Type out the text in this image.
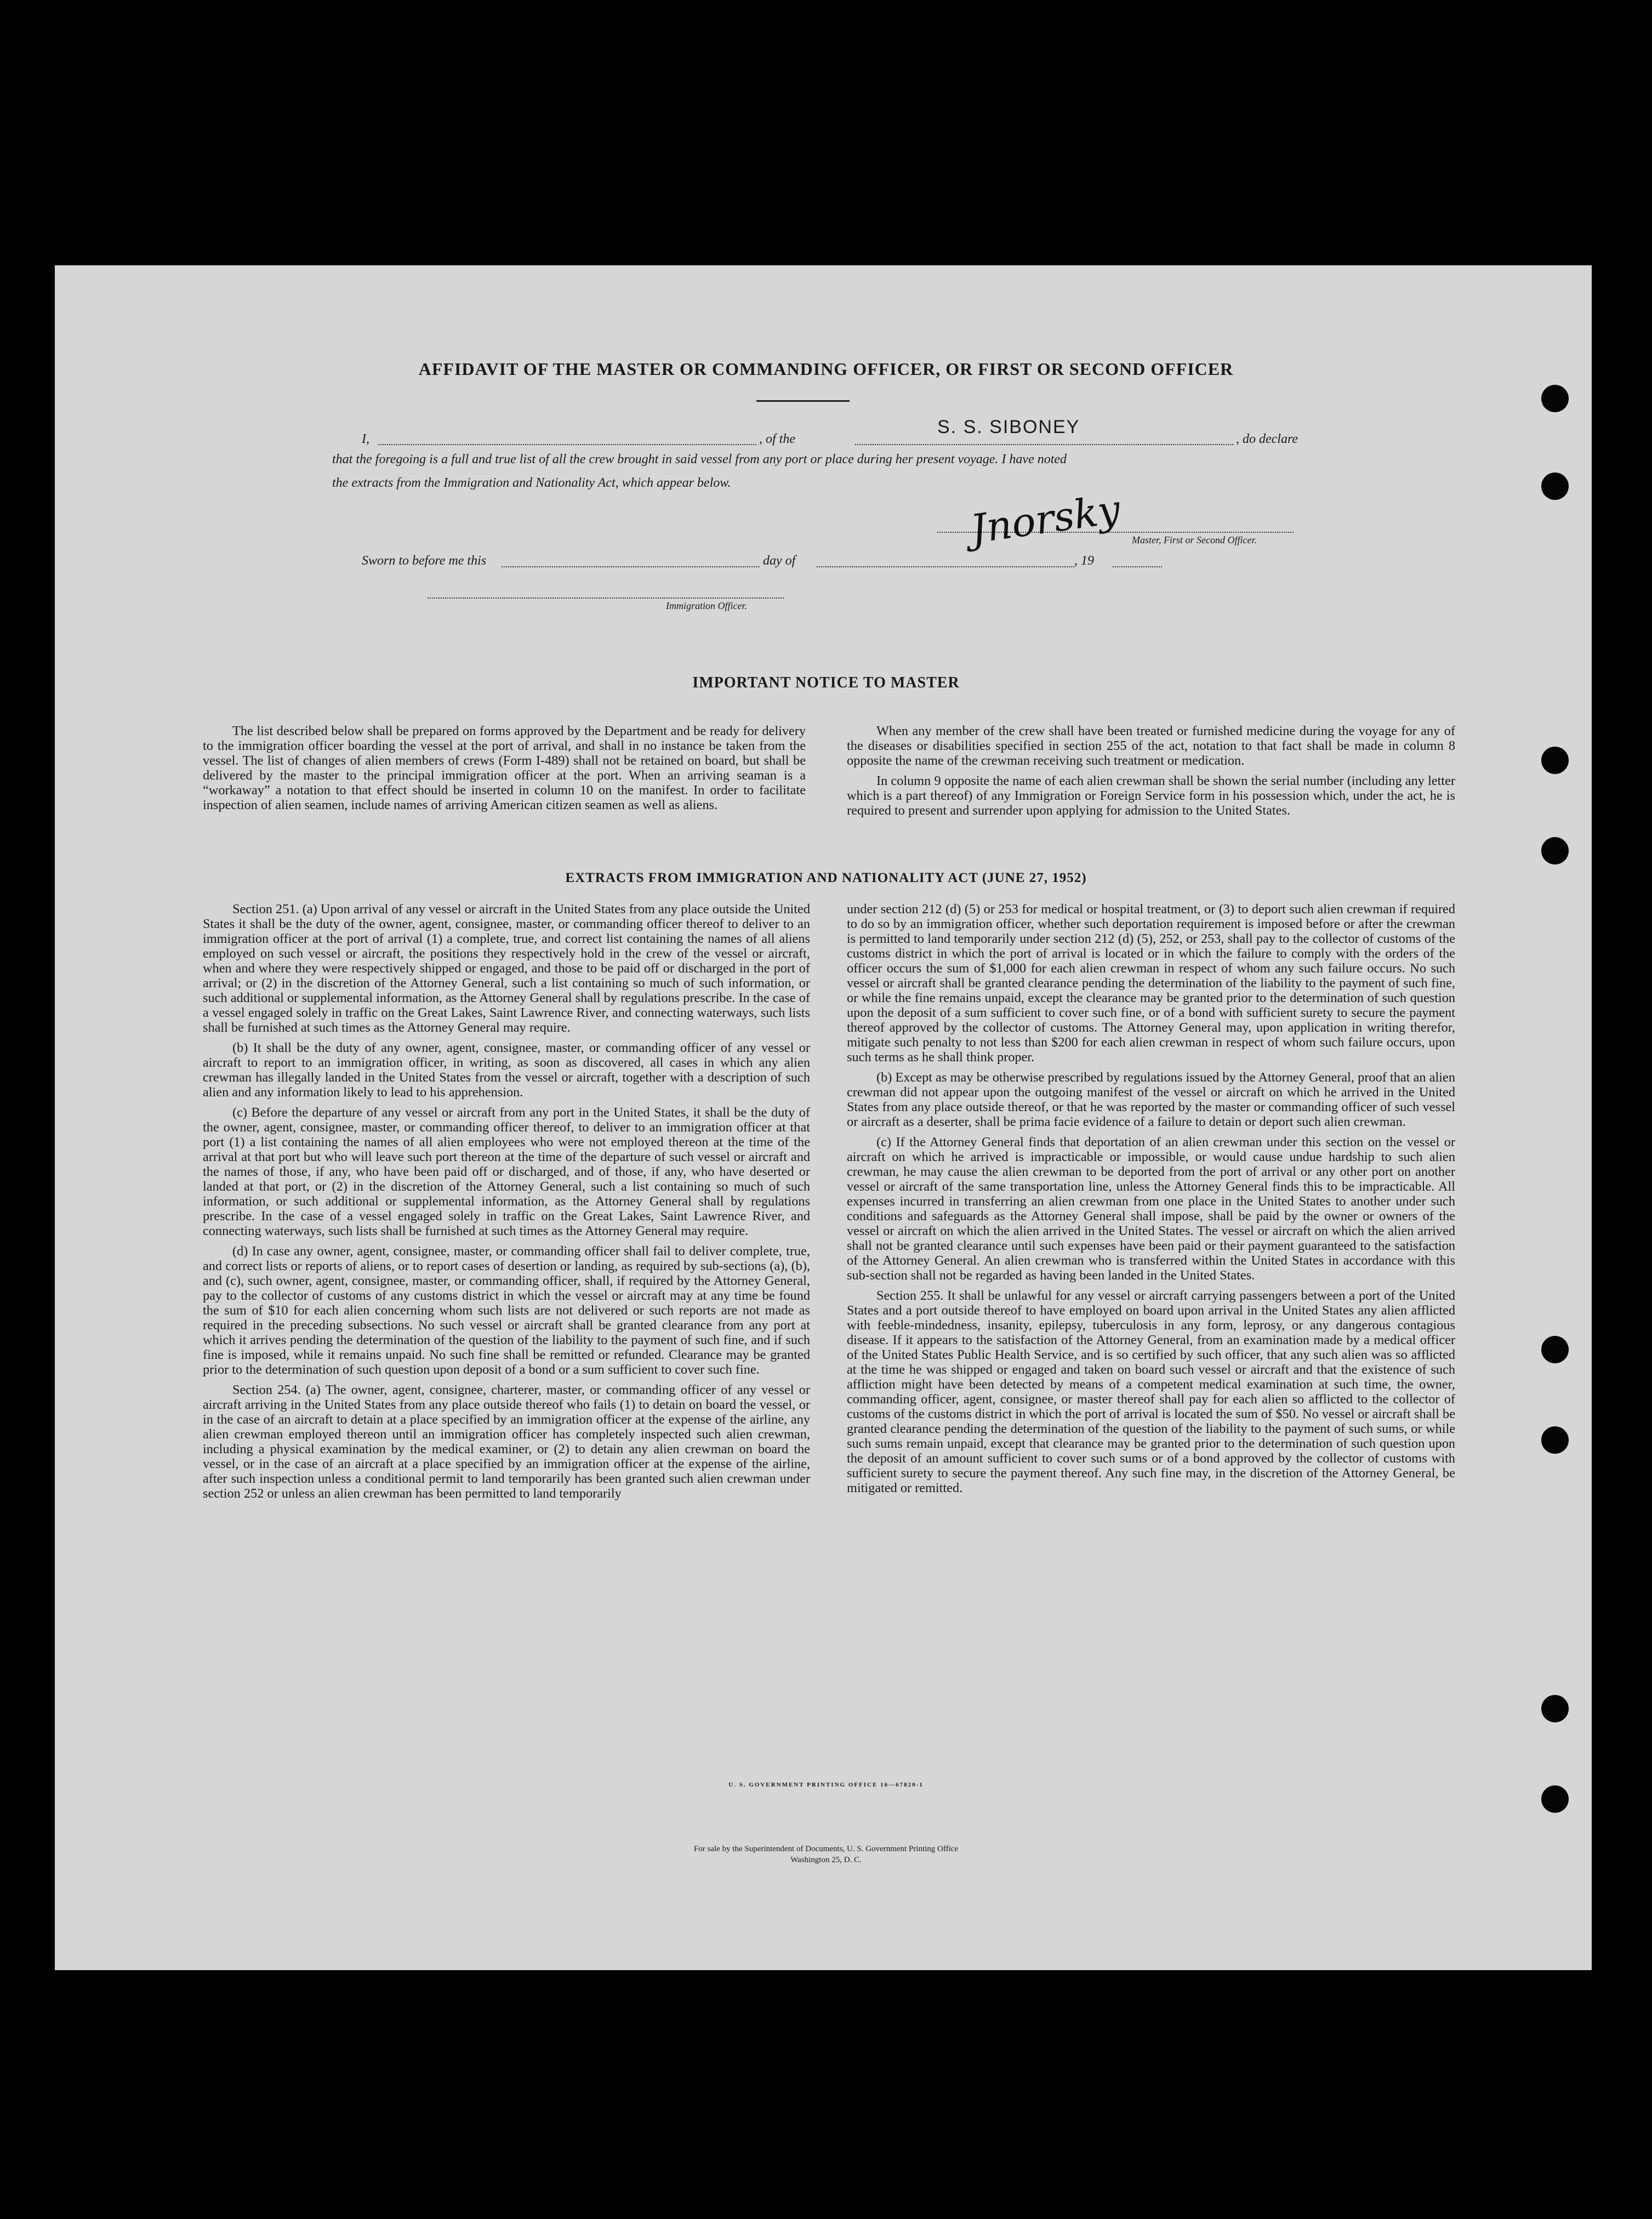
AFFIDAVIT OF THE MASTER OR COMMANDING OFFICER, OR FIRST OR SECOND OFFICER
I,	, of the
S. S. SIBONEY
, do declare
that the foregoing is a full and true list of all the crew brought in said vessel from any port or place during her present voyage. I have noted
the extracts from the Immigration and Nationality Act, which appear below.
Jnorsky Master, First or Second Officer.
Sworn to before me this	day of	, 19
Immigration Officer.
IMPORTANT NOTICE TO MASTER

The list described below shall be prepared on forms approved by the Department and be ready for delivery to the immigration officer boarding the vessel at the port of arrival, and shall in no instance be taken from the vessel. The list of changes of alien members of crews (Form I-489) shall not be retained on board, but shall be delivered by the master to the principal immigration officer at the port. When an arriving seaman is a “workaway” a notation to that effect should be inserted in column 10 on the manifest. In order to facilitate inspection of alien seamen, include names of arriving American citizen seamen as well as aliens.

When any member of the crew shall have been treated or furnished medicine during the voyage for any of the diseases or disabilities specified in section 255 of the act, notation to that fact shall be made in column 8 opposite the name of the crewman receiving such treatment or medication.

In column 9 opposite the name of each alien crewman shall be shown the serial number (including any letter which is a part thereof) of any Immigration or Foreign Service form in his possession which, under the act, he is required to present and surrender upon applying for admission to the United States.

EXTRACTS FROM IMMIGRATION AND NATIONALITY ACT (JUNE 27, 1952)

Section 251. (a) Upon arrival of any vessel or aircraft in the United States from any place outside the United States it shall be the duty of the owner, agent, consignee, master, or commanding officer thereof to deliver to an immigration officer at the port of arrival (1) a complete, true, and correct list containing the names of all aliens employed on such vessel or aircraft, the positions they respectively hold in the crew of the vessel or aircraft, when and where they were respectively shipped or engaged, and those to be paid off or discharged in the port of arrival; or (2) in the discretion of the Attorney General, such a list containing so much of such information, or such additional or supplemental information, as the Attorney General shall by regulations prescribe. In the case of a vessel engaged solely in traffic on the Great Lakes, Saint Lawrence River, and connecting waterways, such lists shall be furnished at such times as the Attorney General may require.

(b) It shall be the duty of any owner, agent, consignee, master, or commanding officer of any vessel or aircraft to report to an immigration officer, in writing, as soon as discovered, all cases in which any alien crewman has illegally landed in the United States from the vessel or aircraft, together with a description of such alien and any information likely to lead to his apprehension.

(c) Before the departure of any vessel or aircraft from any port in the United States, it shall be the duty of the owner, agent, consignee, master, or commanding officer thereof, to deliver to an immigration officer at that port (1) a list containing the names of all alien employees who were not employed thereon at the time of the arrival at that port but who will leave such port thereon at the time of the departure of such vessel or aircraft and the names of those, if any, who have been paid off or discharged, and of those, if any, who have deserted or landed at that port, or (2) in the discretion of the Attorney General, such a list containing so much of such information, or such additional or supplemental information, as the Attorney General shall by regulations prescribe. In the case of a vessel engaged solely in traffic on the Great Lakes, Saint Lawrence River, and connecting waterways, such lists shall be furnished at such times as the Attorney General may require.

(d) In case any owner, agent, consignee, master, or commanding officer shall fail to deliver complete, true, and correct lists or reports of aliens, or to report cases of desertion or landing, as required by sub-sections (a), (b), and (c), such owner, agent, consignee, master, or commanding officer, shall, if required by the Attorney General, pay to the collector of customs of any customs district in which the vessel or aircraft may at any time be found the sum of $10 for each alien concerning whom such lists are not delivered or such reports are not made as required in the preceding subsections. No such vessel or aircraft shall be granted clearance from any port at which it arrives pending the determination of the question of the liability to the payment of such fine, and if such fine is imposed, while it remains unpaid. No such fine shall be remitted or refunded. Clearance may be granted prior to the determination of such question upon deposit of a bond or a sum sufficient to cover such fine.

Section 254. (a) The owner, agent, consignee, charterer, master, or commanding officer of any vessel or aircraft arriving in the United States from any place outside thereof who fails (1) to detain on board the vessel, or in the case of an aircraft to detain at a place specified by an immigration officer at the expense of the airline, any alien crewman employed thereon until an immigration officer has completely inspected such alien crewman, including a physical examination by the medical examiner, or (2) to detain any alien crewman on board the vessel, or in the case of an aircraft at a place specified by an immigration officer at the expense of the airline, after such inspection unless a conditional permit to land temporarily has been granted such alien crewman under section 252 or unless an alien crewman has been permitted to land temporarily

under section 212 (d) (5) or 253 for medical or hospital treatment, or (3) to deport such alien crewman if required to do so by an immigration officer, whether such deportation requirement is imposed before or after the crewman is permitted to land temporarily under section 212 (d) (5), 252, or 253, shall pay to the collector of customs of the customs district in which the port of arrival is located or in which the failure to comply with the orders of the officer occurs the sum of $1,000 for each alien crewman in respect of whom any such failure occurs. No such vessel or aircraft shall be granted clearance pending the determination of the liability to the payment of such fine, or while the fine remains unpaid, except the clearance may be granted prior to the determination of such question upon the deposit of a sum sufficient to cover such fine, or of a bond with sufficient surety to secure the payment thereof approved by the collector of customs. The Attorney General may, upon application in writing therefor, mitigate such penalty to not less than $200 for each alien crewman in respect of whom such failure occurs, upon such terms as he shall think proper.

(b) Except as may be otherwise prescribed by regulations issued by the Attorney General, proof that an alien crewman did not appear upon the outgoing manifest of the vessel or aircraft on which he arrived in the United States from any place outside thereof, or that he was reported by the master or commanding officer of such vessel or aircraft as a deserter, shall be prima facie evidence of a failure to detain or deport such alien crewman.

(c) If the Attorney General finds that deportation of an alien crewman under this section on the vessel or aircraft on which he arrived is impracticable or impossible, or would cause undue hardship to such alien crewman, he may cause the alien crewman to be deported from the port of arrival or any other port on another vessel or aircraft of the same transportation line, unless the Attorney General finds this to be impracticable. All expenses incurred in transferring an alien crewman from one place in the United States to another under such conditions and safeguards as the Attorney General shall impose, shall be paid by the owner or owners of the vessel or aircraft on which the alien arrived in the United States. The vessel or aircraft on which the alien arrived shall not be granted clearance until such expenses have been paid or their payment guaranteed to the satisfaction of the Attorney General. An alien crewman who is transferred within the United States in accordance with this sub-section shall not be regarded as having been landed in the United States.

Section 255. It shall be unlawful for any vessel or aircraft carrying passengers between a port of the United States and a port outside thereof to have employed on board upon arrival in the United States any alien afflicted with feeble-mindedness, insanity, epilepsy, tuberculosis in any form, leprosy, or any dangerous contagious disease. If it appears to the satisfaction of the Attorney General, from an examination made by a medical officer of the United States Public Health Service, and is so certified by such officer, that any such alien was so afflicted at the time he was shipped or engaged and taken on board such vessel or aircraft and that the existence of such affliction might have been detected by means of a competent medical examination at such time, the owner, commanding officer, agent, consignee, or master thereof shall pay for each alien so afflicted to the collector of customs of the customs district in which the port of arrival is located the sum of $50. No vessel or aircraft shall be granted clearance pending the determination of the question of the liability to the payment of such sums, or while such sums remain unpaid, except that clearance may be granted prior to the determination of such question upon the deposit of an amount sufficient to cover such sums or of a bond approved by the collector of customs with sufficient surety to secure the payment thereof. Any such fine may, in the discretion of the Attorney General, be mitigated or remitted.

U. S. GOVERNMENT PRINTING OFFICE 16—67820-1
For sale by the Superintendent of Documents, U. S. Government Printing Office
Washington 25, D. C.
